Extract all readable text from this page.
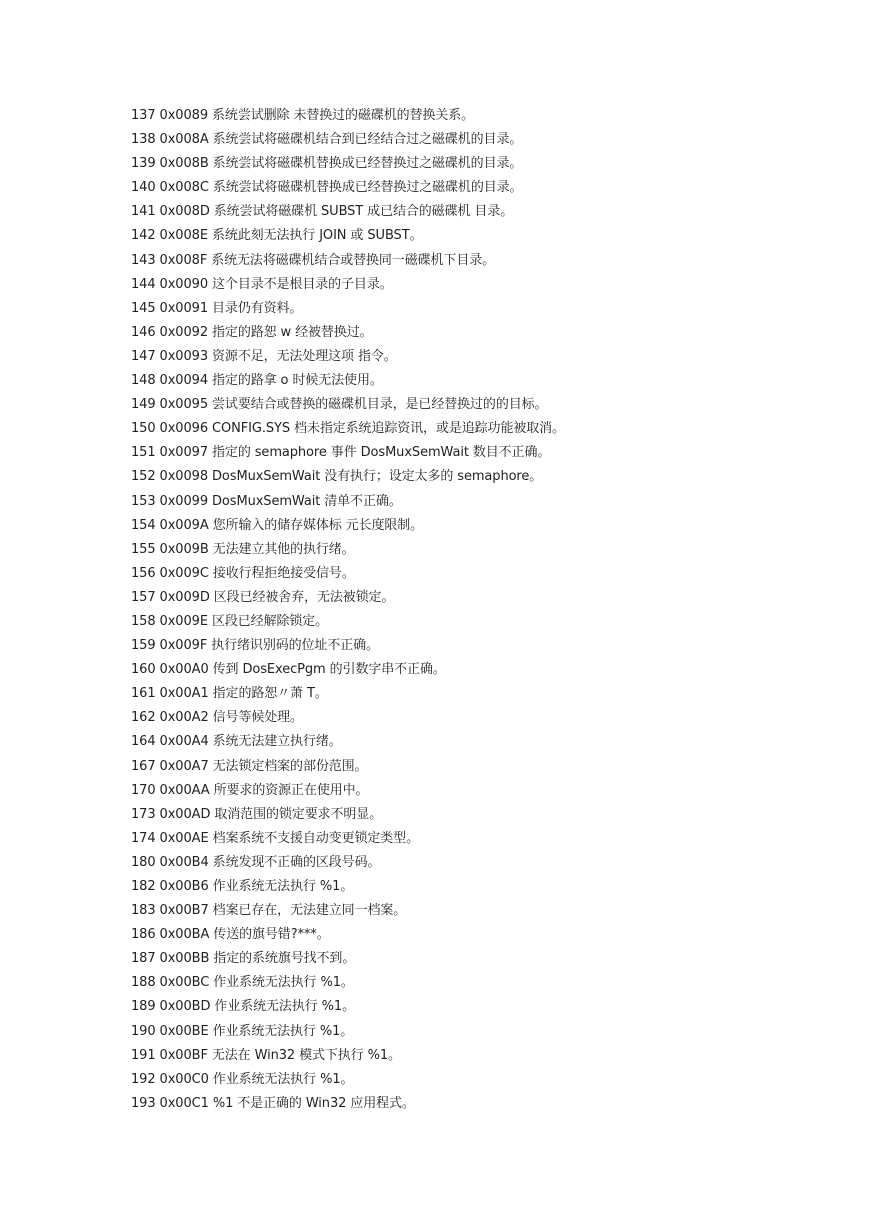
137 0x0089 系统尝试删除 未替换过的磁碟机的替换关系。
138 0x008A 系统尝试将磁碟机结合到已经结合过之磁碟机的目录。
139 0x008B 系统尝试将磁碟机替换成已经替换过之磁碟机的目录。
140 0x008C 系统尝试将磁碟机替换成已经替换过之磁碟机的目录。
141 0x008D 系统尝试将磁碟机 SUBST 成已结合的磁碟机 目录。
142 0x008E 系统此刻无法执行 JOIN 或 SUBST。
143 0x008F 系统无法将磁碟机结合或替换同一磁碟机下目录。
144 0x0090 这个目录不是根目录的子目录。
145 0x0091 目录仍有资料。
146 0x0092 指定的路恕 w 经被替换过。
147 0x0093 资源不足，无法处理这项 指令。
148 0x0094 指定的路拿 o 时候无法使用。
149 0x0095 尝试要结合或替换的磁碟机目录，是已经替换过的的目标。
150 0x0096 CONFIG.SYS 档未指定系统追踪资讯，或是追踪功能被取消。
151 0x0097 指定的 semaphore 事件 DosMuxSemWait 数目不正确。
152 0x0098 DosMuxSemWait 没有执行；设定太多的 semaphore。
153 0x0099 DosMuxSemWait 清单不正确。
154 0x009A 您所输入的储存媒体标 元长度限制。
155 0x009B 无法建立其他的执行绪。
156 0x009C 接收行程拒绝接受信号。
157 0x009D 区段已经被舍弃，无法被锁定。
158 0x009E 区段已经解除锁定。
159 0x009F 执行绪识别码的位址不正确。
160 0x00A0 传到 DosExecPgm 的引数字串不正确。
161 0x00A1 指定的路恕〃萧 T。
162 0x00A2 信号等候处理。
164 0x00A4 系统无法建立执行绪。
167 0x00A7 无法锁定档案的部份范围。
170 0x00AA 所要求的资源正在使用中。
173 0x00AD 取消范围的锁定要求不明显。
174 0x00AE 档案系统不支援自动变更锁定类型。
180 0x00B4 系统发现不正确的区段号码。
182 0x00B6 作业系统无法执行 %1。
183 0x00B7 档案已存在，无法建立同一档案。
186 0x00BA 传送的旗号错?***。
187 0x00BB 指定的系统旗号找不到。
188 0x00BC 作业系统无法执行 %1。
189 0x00BD 作业系统无法执行 %1。
190 0x00BE 作业系统无法执行 %1。
191 0x00BF 无法在 Win32 模式下执行 %1。
192 0x00C0 作业系统无法执行 %1。
193 0x00C1 %1 不是正确的 Win32 应用程式。
